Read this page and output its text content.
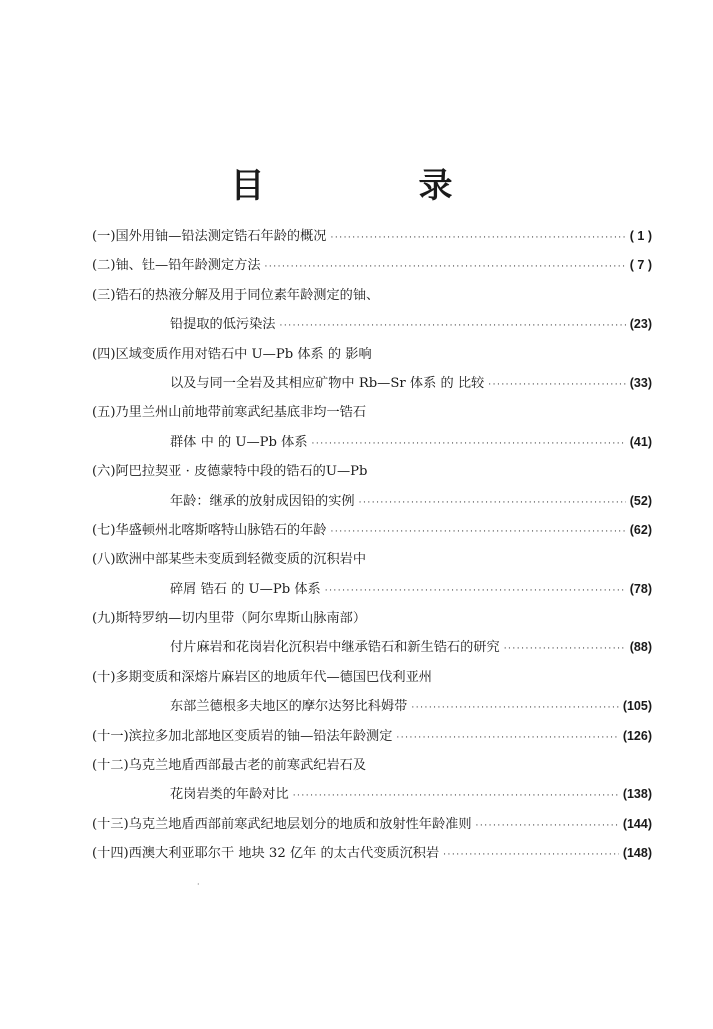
目　录
(一) 国外用铀—铅法测定锆石年龄的概况 ·····	( 1 )
(二) 铀、钍—铅年龄测定方法 ·····	( 7 )
(三) 锆石的热液分解及用于同位素年龄测定的铀、
铅提取的低污染法 ·····	(23)
(四) 区域变质作用对锆石中 U—Pb 体系 的 影响
以及与同一全岩及其相应矿物中 Rb—Sr 体系 的 比较 ·····	(33)
(五) 乃里兰州山前地带前寒武纪基底非均一锆石
群体 中 的 U—Pb 体系 ·····	(41)
(六) 阿巴拉契亚 · 皮德蒙特中段的锆石的U—Pb
年龄：继承的放射成因铅的实例 ·····	(52)
(七) 华盛顿州北喀斯喀特山脉锆石的年龄 ·····	(62)
(八) 欧洲中部某些未变质到轻微变质的沉积岩中
碎屑 锆石 的 U—Pb 体系 ·····	(78)
(九) 斯特罗纳—切内里带（阿尔卑斯山脉南部）
付片麻岩和花岗岩化沉积岩中继承锆石和新生锆石的研究 ·····	(88)
(十) 多期变质和深熔片麻岩区的地质年代—德国巴伐利亚州
东部兰德根多夫地区的摩尔达努比科姆带 ·····	(105)
(十一) 滨拉多加北部地区变质岩的铀—铅法年龄测定 ·····	(126)
(十二) 乌克兰地盾西部最古老的前寒武纪岩石及
花岗岩类的年龄对比 ·····	(138)
(十三) 乌克兰地盾西部前寒武纪地层划分的地质和放射性年龄准则 ·····	(144)
(十四) 西澳大利亚耶尔干 地块 32 亿年 的太古代变质沉积岩 ·····	(148)
·
